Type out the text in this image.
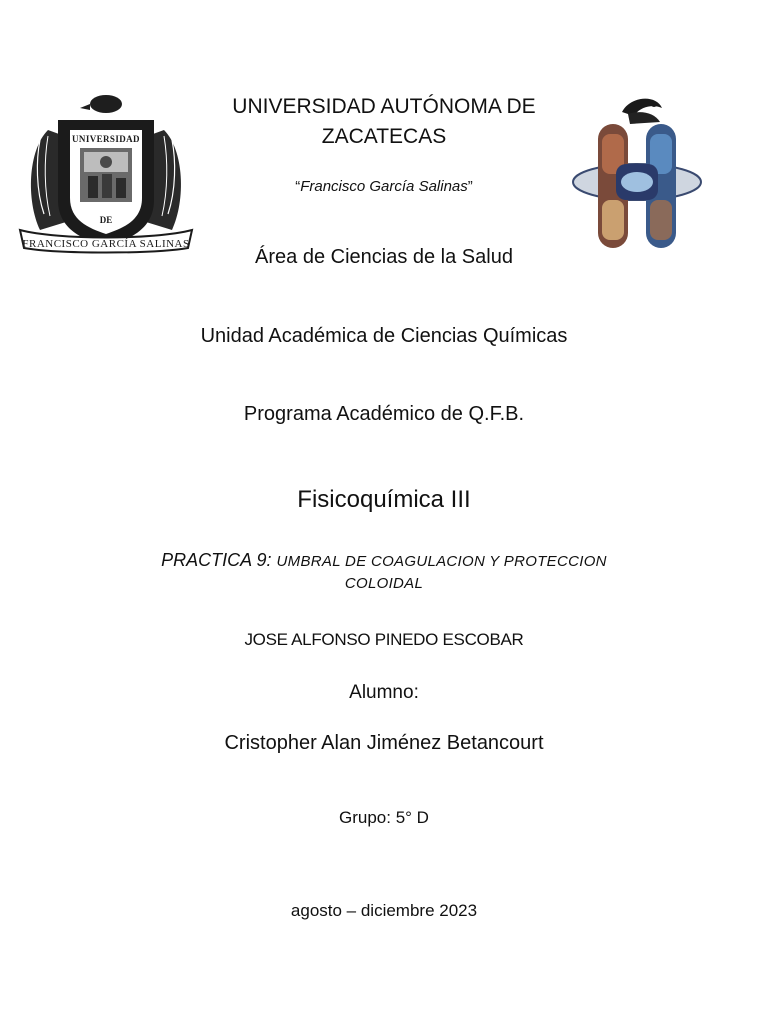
UNIVERSIDAD
DE
FRANCISCO GARCÍA SALINAS
UNIVERSIDAD AUTÓNOMA DE
ZACATECAS
“Francisco García Salinas”
Área de Ciencias de la Salud
Unidad Académica de Ciencias Químicas
Programa Académico de Q.F.B.
Fisicoquímica III
PRACTICA 9: UMBRAL DE COAGULACION Y PROTECCION
COLOIDAL
JOSE ALFONSO PINEDO ESCOBAR
Alumno:
Cristopher Alan Jiménez Betancourt
Grupo: 5° D
agosto – diciembre 2023
